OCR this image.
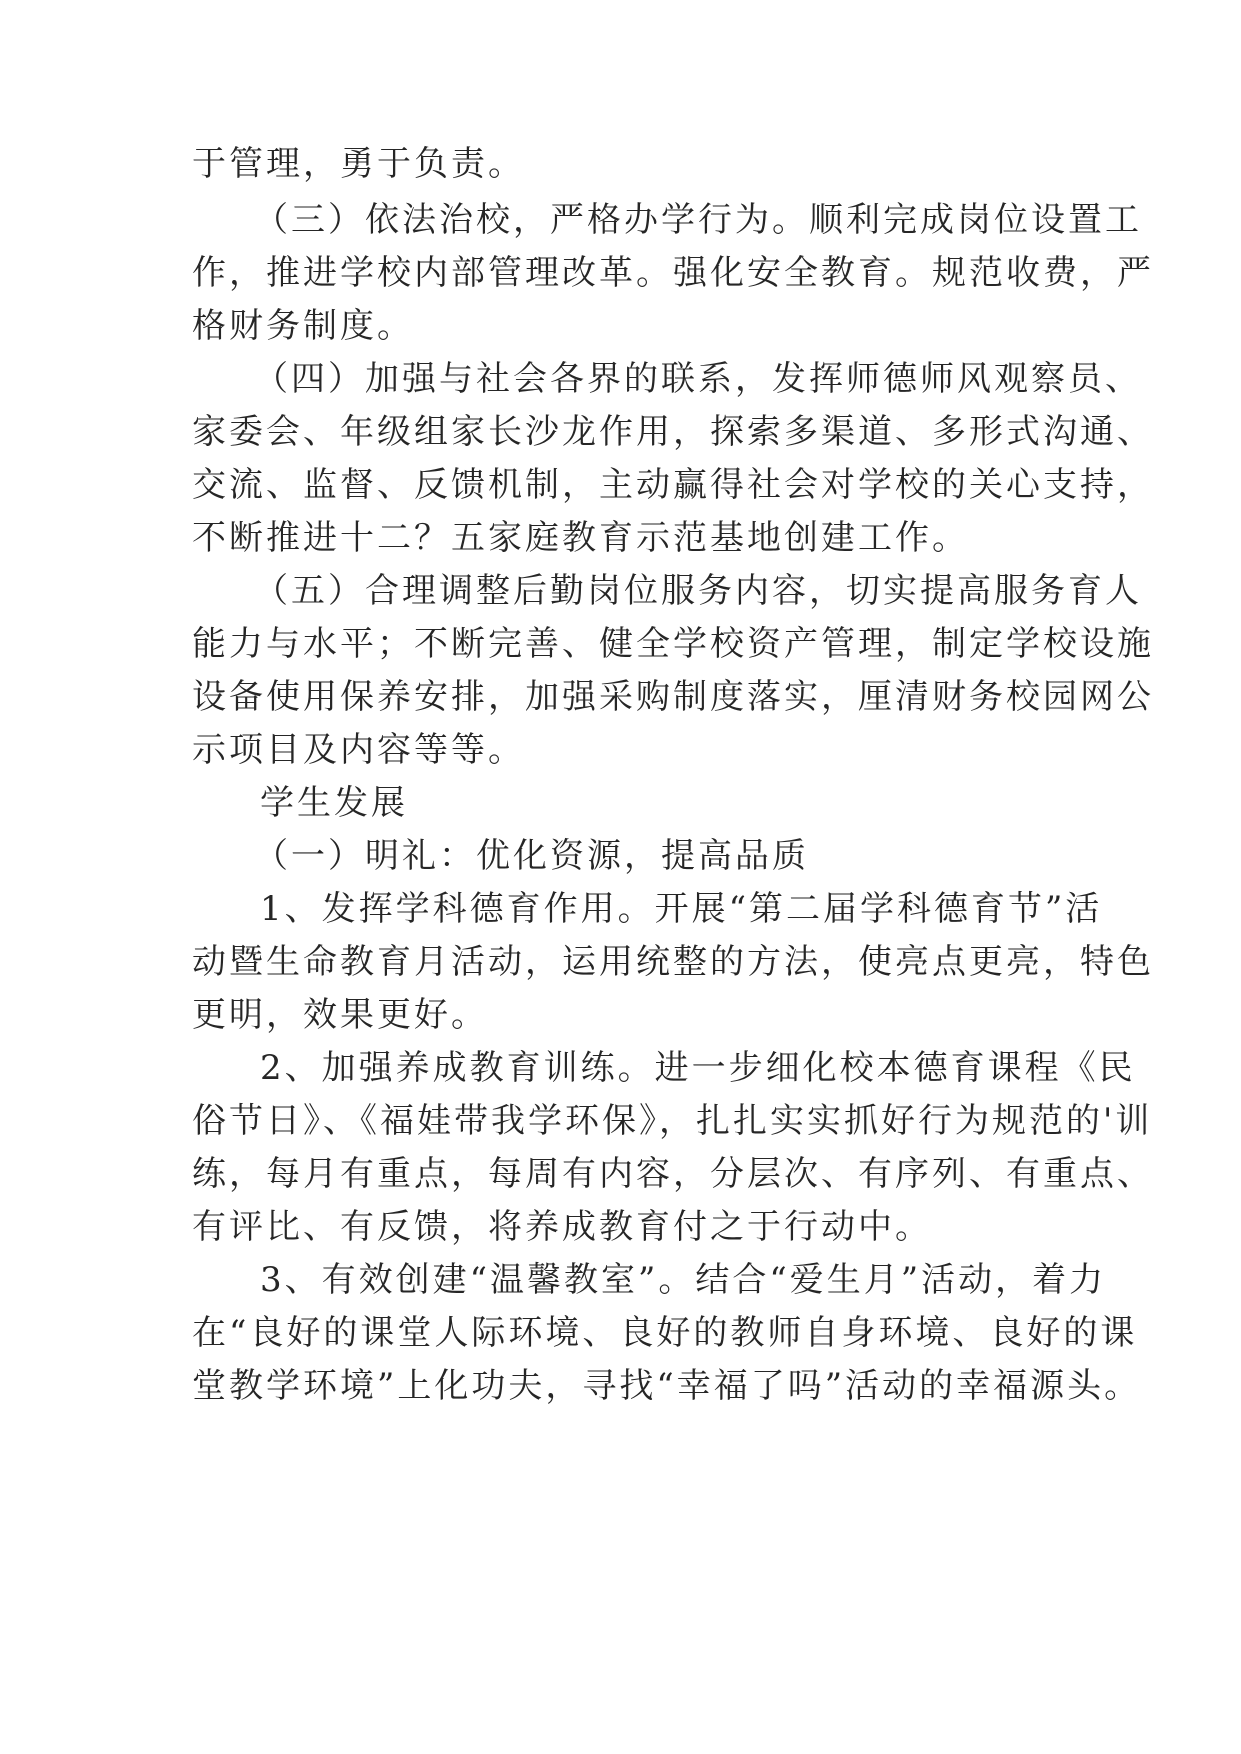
于管理，勇于负责。
（三）依法治校，严格办学行为。顺利完成岗位设置工
作，推进学校内部管理改革。强化安全教育。规范收费，严
格财务制度。
（四）加强与社会各界的联系，发挥师德师风观察员、
家委会、年级组家长沙龙作用，探索多渠道、多形式沟通、
交流、监督、反馈机制，主动赢得社会对学校的关心支持，
不断推进十二？五家庭教育示范基地创建工作。
（五）合理调整后勤岗位服务内容，切实提高服务育人
能力与水平；不断完善、健全学校资产管理，制定学校设施
设备使用保养安排，加强采购制度落实，厘清财务校园网公
示项目及内容等等。
学生发展
（一）明礼：优化资源，提高品质
1、发挥学科德育作用。开展“第二届学科德育节”活
动暨生命教育月活动，运用统整的方法，使亮点更亮，特色
更明，效果更好。
2、加强养成教育训练。进一步细化校本德育课程《民
俗节日》、《福娃带我学环保》，扎扎实实抓好行为规范的'训
练，每月有重点，每周有内容，分层次、有序列、有重点、
有评比、有反馈，将养成教育付之于行动中。
3、有效创建“温馨教室”。结合“爱生月”活动，着力
在“良好的课堂人际环境、良好的教师自身环境、良好的课
堂教学环境”上化功夫，寻找“幸福了吗”活动的幸福源头。
